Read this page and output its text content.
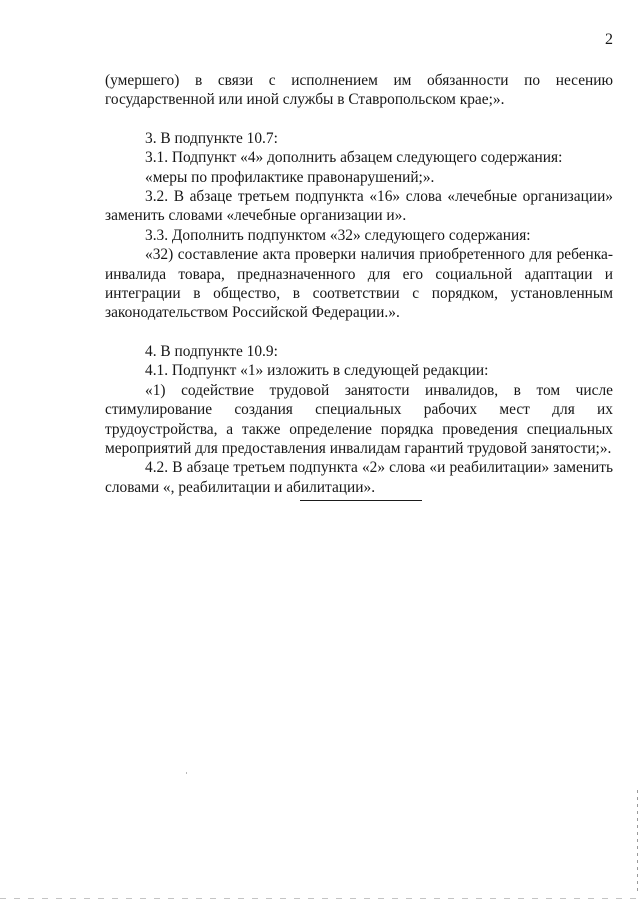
2

(умершего) в связи с исполнением им обязанности по несению государственной или иной службы в Ставропольском крае;».

3. В подпункте 10.7:

3.1. Подпункт «4» дополнить абзацем следующего содержания:

«меры по профилактике правонарушений;».

3.2. В абзаце третьем подпункта «16» слова «лечебные организации» заменить словами «лечебные организации и».

3.3. Дополнить подпунктом «32» следующего содержания:

«32) составление акта проверки наличия приобретенного для ребенка-инвалида товара, предназначенного для его социальной адаптации и интеграции в общество, в соответствии с порядком, установленным законодательством Российской Федерации.».

4. В подпункте 10.9:

4.1. Подпункт «1» изложить в следующей редакции:

«1) содействие трудовой занятости инвалидов, в том числе стимулирование создания специальных рабочих мест для их трудоустройства, а также определение порядка проведения специальных мероприятий для предоставления инвалидам гарантий трудовой занятости;».

4.2. В абзаце третьем подпункта «2» слова «и реабилитации» заменить словами «, реабилитации и абилитации».
